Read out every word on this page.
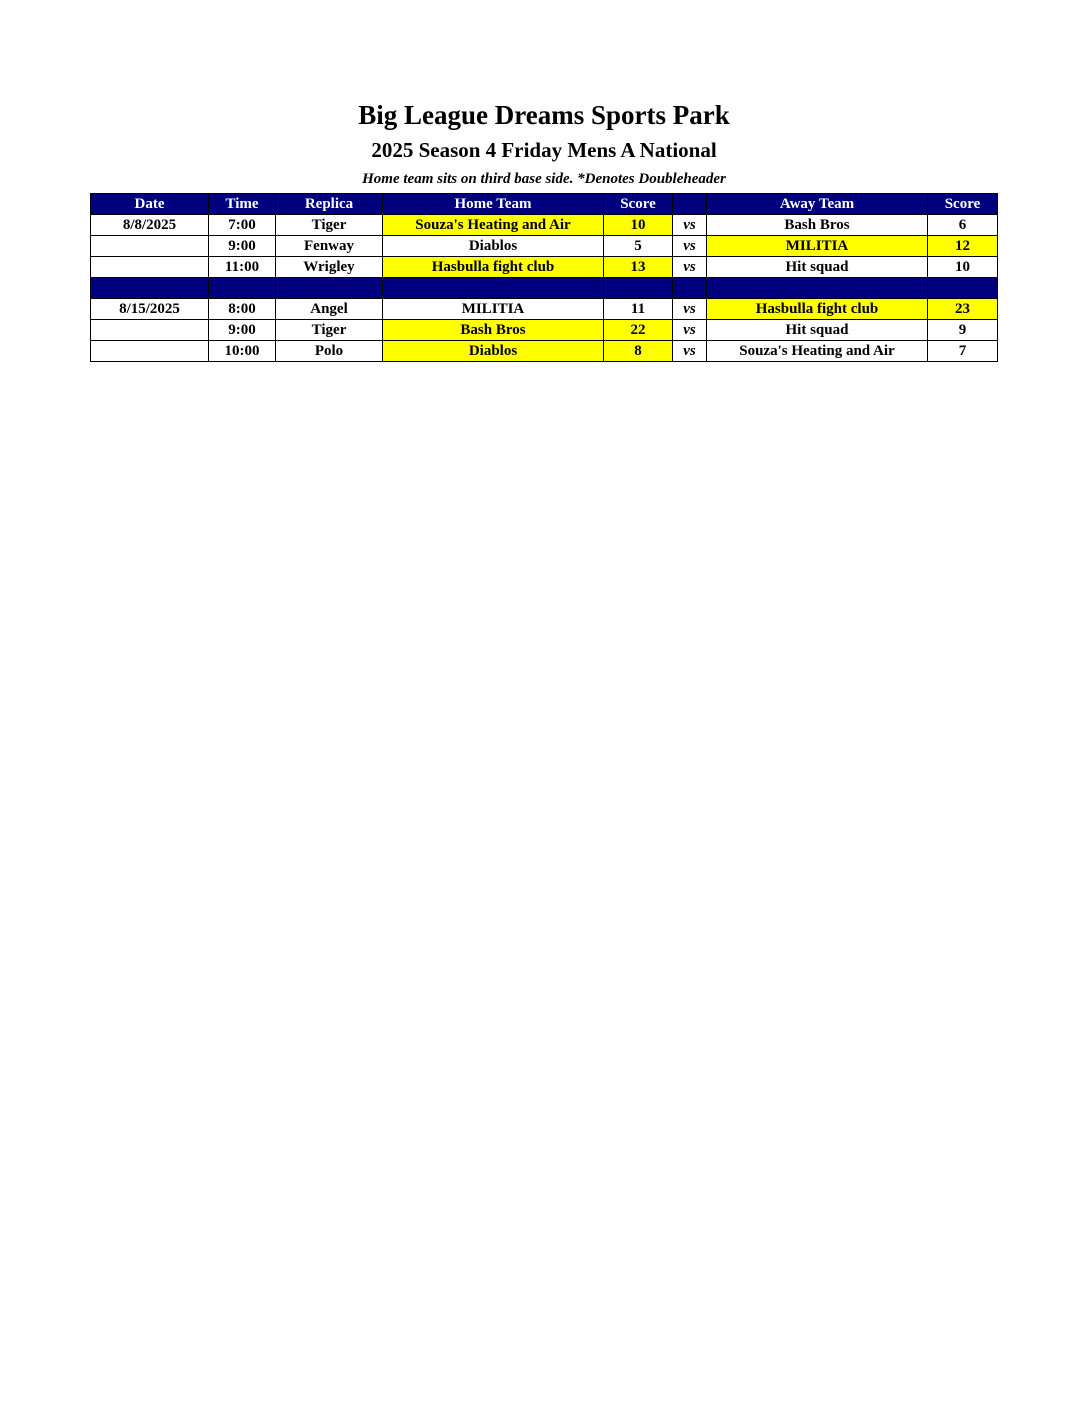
Big League Dreams Sports Park
2025 Season 4 Friday Mens A National
Home team sits on third base side. *Denotes Doubleheader
Date	Time	Replica	Home Team	Score		Away Team	Score
8/8/2025	7:00	Tiger	Souza's Heating and Air	10	vs	Bash Bros	6
	9:00	Fenway	Diablos	5	vs	MILITIA	12
	11:00	Wrigley	Hasbulla fight club	13	vs	Hit squad	10

8/15/2025	8:00	Angel	MILITIA	11	vs	Hasbulla fight club	23
	9:00	Tiger	Bash Bros	22	vs	Hit squad	9
	10:00	Polo	Diablos	8	vs	Souza's Heating and Air	7
